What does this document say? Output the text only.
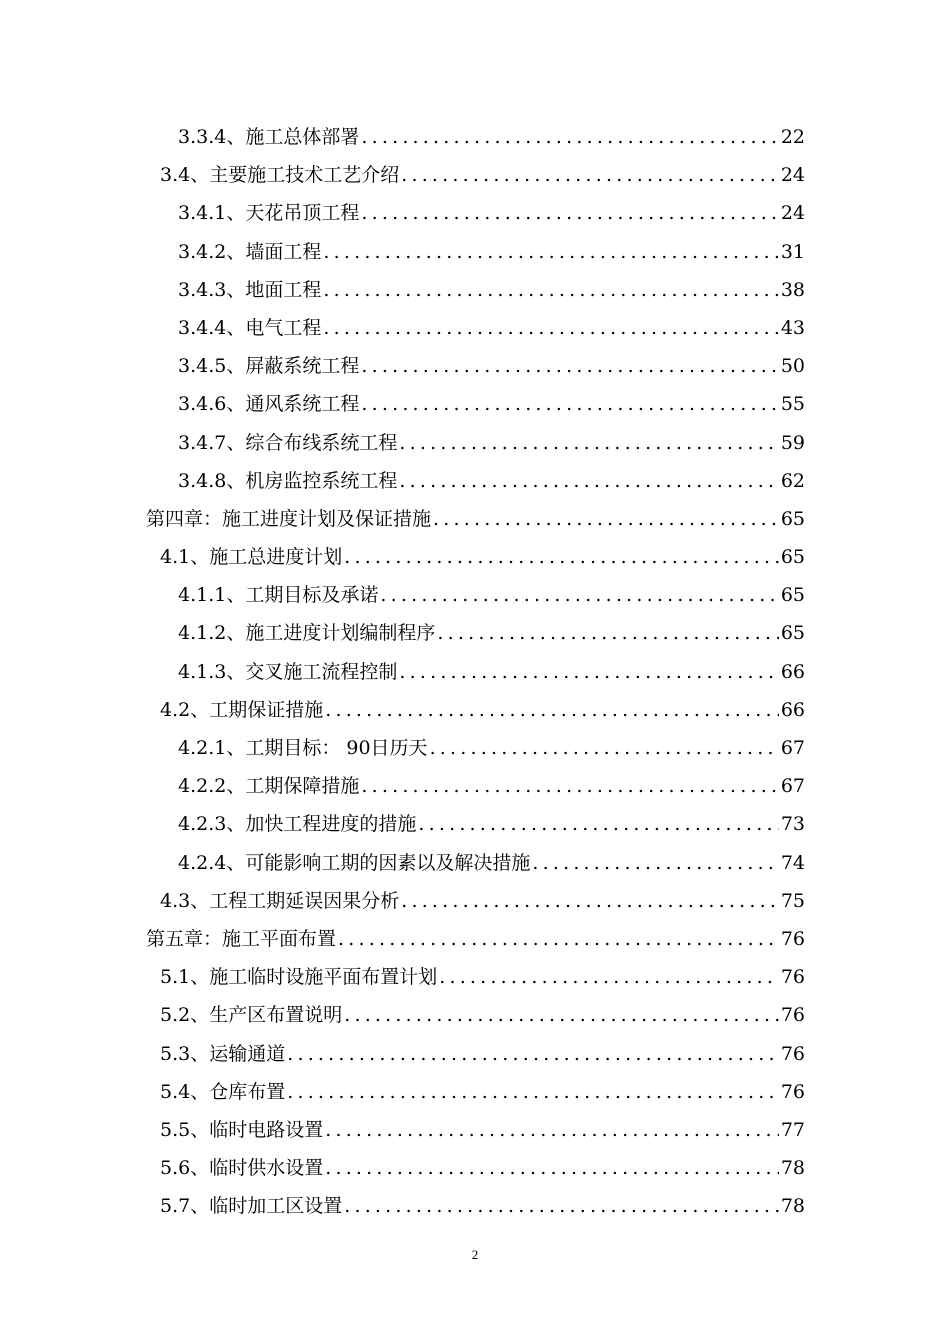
3.3.4、施工总体部署 .....	22
3.4、主要施工技术工艺介绍 .....	24
3.4.1、天花吊顶工程 .....	24
3.4.2、墙面工程 .....	31
3.4.3、地面工程 .....	38
3.4.4、电气工程 .....	43
3.4.5、屏蔽系统工程 .....	50
3.4.6、通风系统工程 .....	55
3.4.7、综合布线系统工程 .....	59
3.4.8、机房监控系统工程 .....	62
第四章：施工进度计划及保证措施 .....	65
4.1、施工总进度计划 .....	65
4.1.1、工期目标及承诺 .....	65
4.1.2、施工进度计划编制程序 .....	65
4.1.3、交叉施工流程控制 .....	66
4.2、工期保证措施 .....	66
4.2.1、工期目标： 90日历天 .....	67
4.2.2、工期保障措施 .....	67
4.2.3、加快工程进度的措施 .....	73
4.2.4、可能影响工期的因素以及解决措施 .....	74
4.3、工程工期延误因果分析 .....	75
第五章：施工平面布置 .....	76
5.1、施工临时设施平面布置计划 .....	76
5.2、生产区布置说明 .....	76
5.3、运输通道 .....	76
5.4、仓库布置 .....	76
5.5、临时电路设置 .....	77
5.6、临时供水设置 .....	78
5.7、临时加工区设置 .....	78
2
